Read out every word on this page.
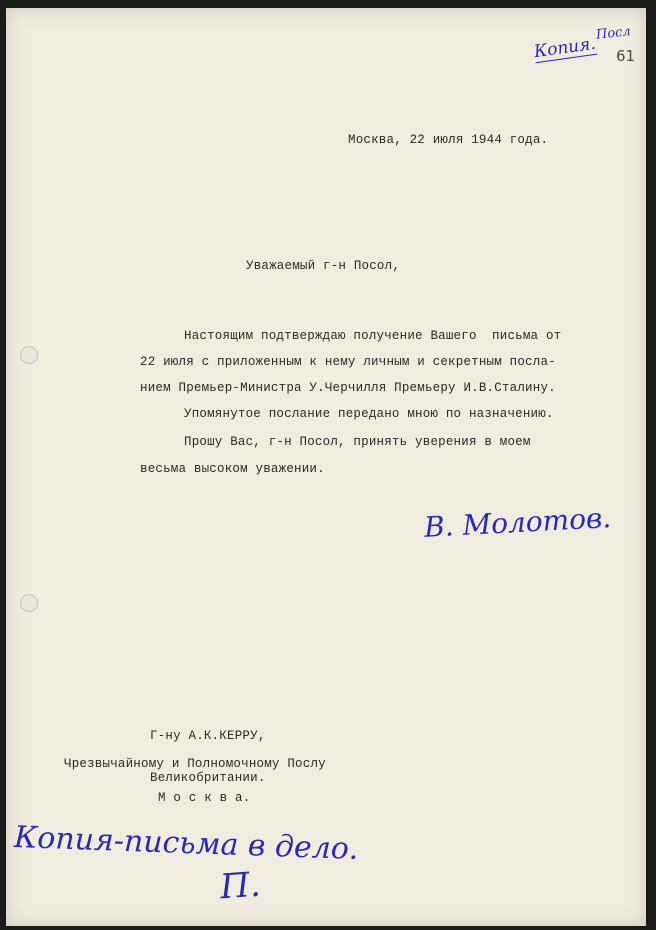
Копия.
Посл
61
Москва, 22 июля 1944 года.
Уважаемый г-н Посол,
Настоящим подтверждаю получение Вашего  письма от
22 июля с приложенным к нему личным и секретным посла-
нием Премьер-Министра У.Черчилля Премьеру И.В.Сталину.
Упомянутое послание передано мною по назначению.
Прошу Вас, г-н Посол, принять уверения в моем
весьма высоком уважении.
В. Молотов.
Г-ну А.К.КЕРРУ,
Чрезвычайному и Полномочному Послу
Великобритании.
М о с к в а.
Копия-письма в дело.
П.
